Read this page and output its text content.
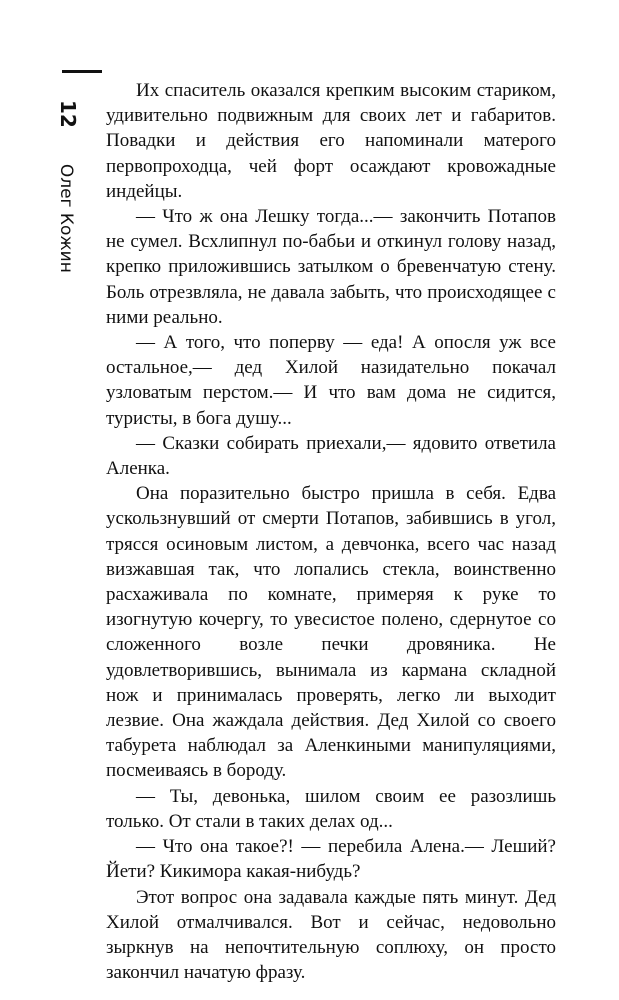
12
Олег Кожин

Их спаситель оказался крепким высоким стариком, удивительно подвижным для своих лет и габаритов. Повадки и действия его напоминали матерого первопроходца, чей форт осаждают кровожадные индейцы.

— Что ж она Лешку тогда...— закончить Потапов не сумел. Всхлипнул по-бабьи и откинул голову назад, крепко приложившись затылком о бревенчатую стену. Боль отрезвляла, не давала забыть, что происходящее с ними реально.

— А того, что поперву — еда! А опосля уж все остальное,— дед Хилой назидательно покачал узловатым перстом.— И что вам дома не сидится, туристы, в бога душу...

— Сказки собирать приехали,— ядовито ответила Аленка.

Она поразительно быстро пришла в себя. Едва ускользнувший от смерти Потапов, забившись в угол, трясся осиновым листом, а девчонка, всего час назад визжавшая так, что лопались стекла, воинственно расхаживала по комнате, примеряя к руке то изогнутую кочергу, то увесистое полено, сдернутое со сложенного возле печки дровяника. Не удовлетворившись, вынимала из кармана складной нож и принималась проверять, легко ли выходит лезвие. Она жаждала действия. Дед Хилой со своего табурета наблюдал за Аленкиными манипуляциями, посмеиваясь в бороду.

— Ты, девонька, шилом своим ее разозлишь только. От стали в таких делах од...

— Что она такое?! — перебила Алена.— Леший? Йети? Кикимора какая-нибудь?

Этот вопрос она задавала каждые пять минут. Дед Хилой отмалчивался. Вот и сейчас, недовольно зыркнув на непочтительную соплюху, он просто закончил начатую фразу.
